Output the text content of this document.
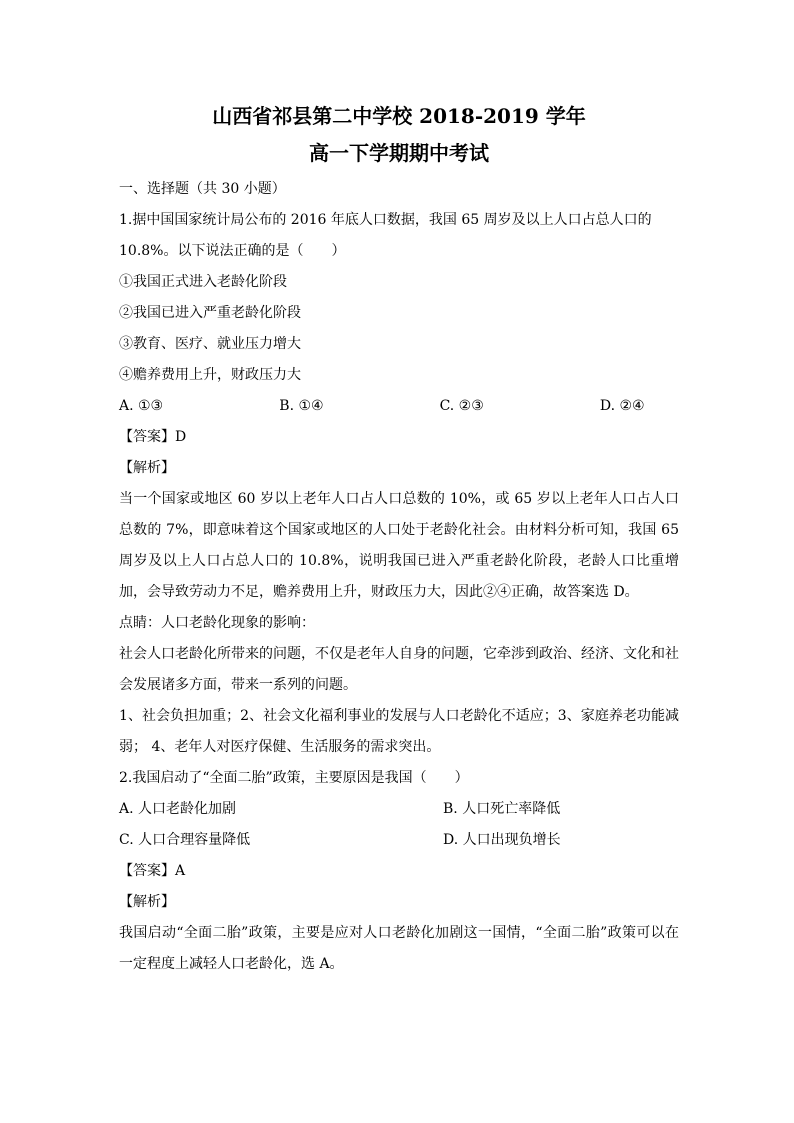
山西省祁县第二中学校 2018-2019 学年

高一下学期期中考试

一、选择题（共 30 小题）

1.据中国国家统计局公布的 2016 年底人口数据，我国 65 周岁及以上人口占总人口的

10.8%。以下说法正确的是（　　）

①我国正式进入老龄化阶段

②我国已进入严重老龄化阶段

③教育、医疗、就业压力增大

④赡养费用上升，财政压力大

A. ①③	B. ①④	C. ②③	D. ②④

【答案】D

【解析】

当一个国家或地区 60 岁以上老年人口占人口总数的 10%，或 65 岁以上老年人口占人口总数的 7%，即意味着这个国家或地区的人口处于老龄化社会。由材料分析可知，我国 65 周岁及以上人口占总人口的 10.8%，说明我国已进入严重老龄化阶段，老龄人口比重增加，会导致劳动力不足，赡养费用上升，财政压力大，因此②④正确，故答案选 D。

点睛：人口老龄化现象的影响：

社会人口老龄化所带来的问题，不仅是老年人自身的问题，它牵涉到政治、经济、文化和社会发展诸多方面，带来一系列的问题。

1、社会负担加重；2、社会文化福利事业的发展与人口老龄化不适应；3、家庭养老功能减弱； 4、老年人对医疗保健、生活服务的需求突出。

2.我国启动了“全面二胎”政策，主要原因是我国（　　）

A. 人口老龄化加剧	B. 人口死亡率降低
C. 人口合理容量降低	D. 人口出现负增长

【答案】A

【解析】

我国启动“全面二胎”政策，主要是应对人口老龄化加剧这一国情，“全面二胎”政策可以在一定程度上减轻人口老龄化，选 A。
